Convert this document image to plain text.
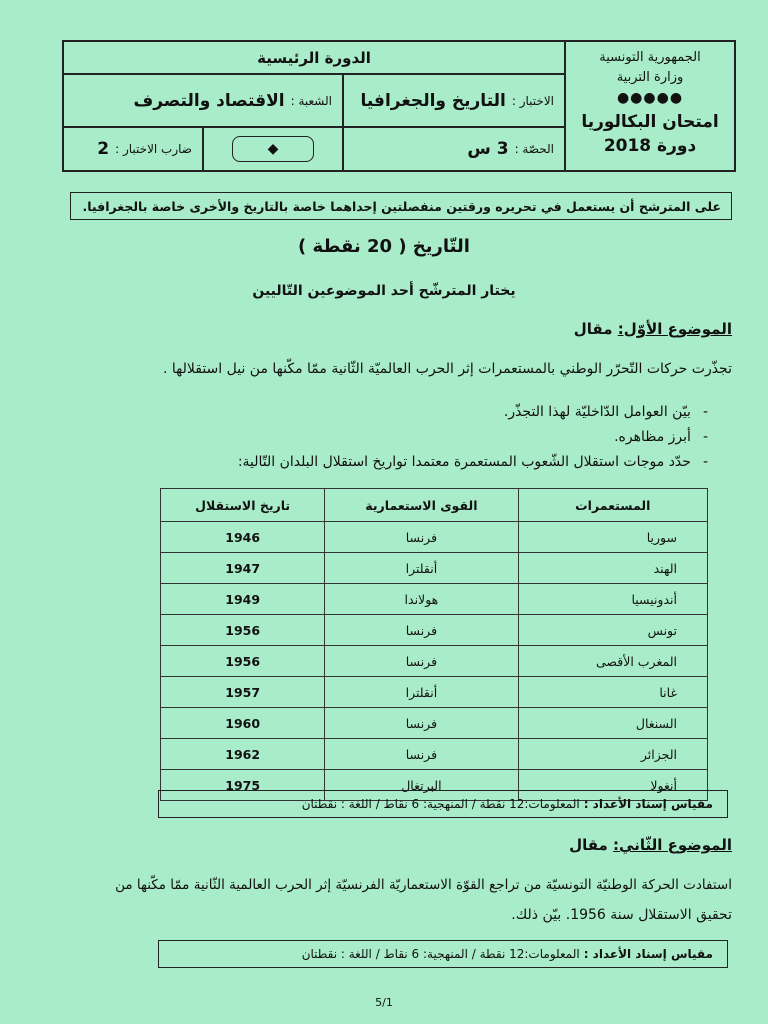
الجمهورية التونسية
وزارة التربية
●●●●●
امتحان البكالوريا
دورة 2018
الدورة الرئيسية
الاختبار :
التاريخ والجغرافيا
الشعبة :
الاقتصاد والتصرف
الحصّة :
3 س
◆
ضارب الاختبار :
2
على المترشح أن يستعمل في تحريره ورقتين منفصلتين إحداهما خاصة بالتاريخ والأخرى خاصة بالجغرافيا.
التّاريخ ( 20 نقطة )
يختار المترشّح أحد الموضوعين التّاليين
الموضوع الأوّل: مقال
تجذّرت حركات التّحرّر الوطني بالمستعمرات إثر الحرب العالميّة الثّانية ممّا مكّنها من نيل استقلالها .
- بيّن العوامل الدّاخليّة لهذا التجذّر.
- أبرز مظاهره.
- حدّد موجات استقلال الشّعوب المستعمرة معتمدا تواريخ استقلال البلدان التّالية:
المستعمرات	القوى الاستعمارية	تاريخ الاستقلال
سوريا	فرنسا	1946
الهند	أنقلترا	1947
أندونيسيا	هولاندا	1949
تونس	فرنسا	1956
المغرب الأقصى	فرنسا	1956
غانا	أنقلترا	1957
السنغال	فرنسا	1960
الجزائر	فرنسا	1962
أنغولا	البرتغال	1975
مقياس إسناد الأعداد :
المعلومات:12 نقطة / المنهجية: 6 نقاط / اللغة : نقطتان
الموضوع الثّاني: مقال
استفادت الحركة الوطنيّة التونسيّة من تراجع القوّة الاستعماريّة الفرنسيّة إثر الحرب العالمية الثّانية ممّا مكّنها من
تحقيق الاستقلال سنة 1956. بيّن ذلك.
مقياس إسناد الأعداد :
المعلومات:12 نقطة / المنهجية: 6 نقاط / اللغة : نقطتان
5/1
